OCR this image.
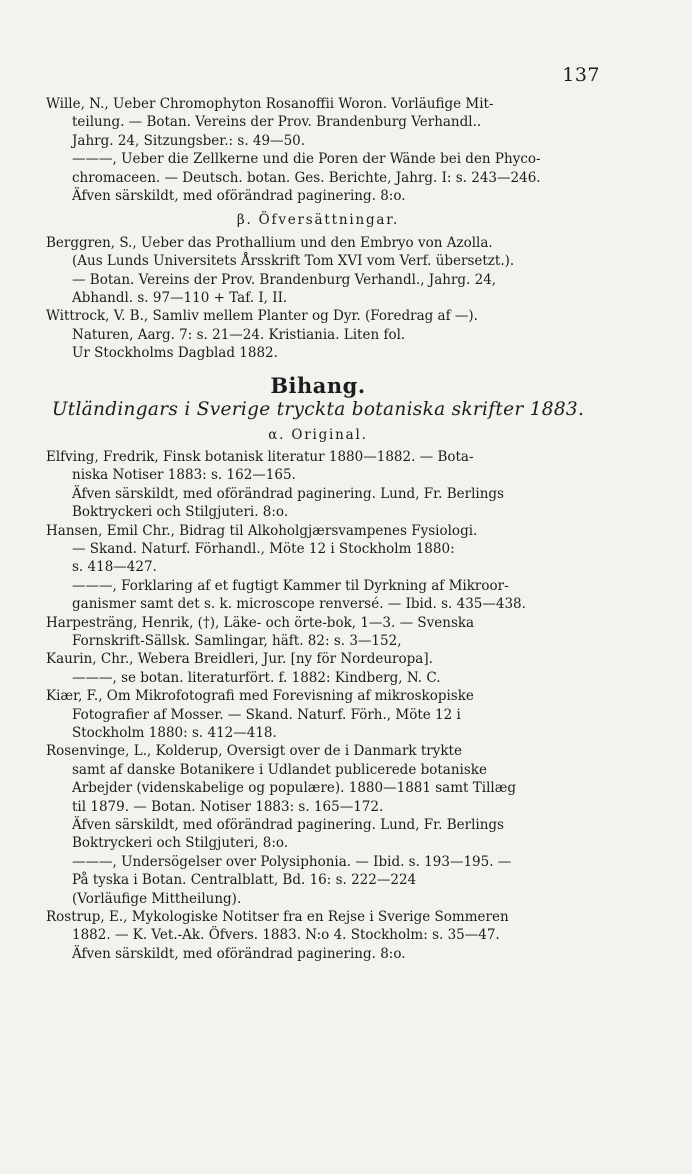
137
Wille, N., Ueber Chromophyton Rosanoffii Woron. Vorläufige Mit-
teilung. — Botan. Vereins der Prov. Brandenburg Verhandl..
Jahrg. 24, Sitzungsber.: s. 49—50.
———, Ueber die Zellkerne und die Poren der Wände bei den Phyco-
chromaceen. — Deutsch. botan. Ges. Berichte, Jahrg. I: s. 243—246.
Äfven särskildt, med oförändrad paginering. 8:o.
β. Öfversättningar.
Berggren, S., Ueber das Prothallium und den Embryo von Azolla.
(Aus Lunds Universitets Årsskrift Tom XVI vom Verf. übersetzt.).
— Botan. Vereins der Prov. Brandenburg Verhandl., Jahrg. 24,
Abhandl. s. 97—110 + Taf. I, II.
Wittrock, V. B., Samliv mellem Planter og Dyr. (Foredrag af —).
Naturen, Aarg. 7: s. 21—24. Kristiania. Liten fol.
Ur Stockholms Dagblad 1882.
Bihang.
Utländingars i Sverige tryckta botaniska skrifter 1883.
α. Original.
Elfving, Fredrik, Finsk botanisk literatur 1880—1882. — Bota-
niska Notiser 1883: s. 162—165.
Äfven särskildt, med oförändrad paginering. Lund, Fr. Berlings
Boktryckeri och Stilgjuteri. 8:o.
Hansen, Emil Chr., Bidrag til Alkoholgjærsvampenes Fysiologi.
— Skand. Naturf. Förhandl., Möte 12 i Stockholm 1880:
s. 418—427.
———, Forklaring af et fugtigt Kammer til Dyrkning af Mikroor-
ganismer samt det s. k. microscope renversé. — Ibid. s. 435—438.
Harpesträng, Henrik, (†), Läke- och örte-bok, 1—3. — Svenska
Fornskrift-Sällsk. Samlingar, häft. 82: s. 3—152,
Kaurin, Chr., Webera Breidleri, Jur. [ny för Nordeuropa].
———, se botan. literaturfört. f. 1882: Kindberg, N. C.
Kiær, F., Om Mikrofotografi med Forevisning af mikroskopiske
Fotografier af Mosser. — Skand. Naturf. Förh., Möte 12 i
Stockholm 1880: s. 412—418.
Rosenvinge, L., Kolderup, Oversigt over de i Danmark trykte
samt af danske Botanikere i Udlandet publicerede botaniske
Arbejder (videnskabelige og populære). 1880—1881 samt Tillæg
til 1879. — Botan. Notiser 1883: s. 165—172.
Äfven särskildt, med oförändrad paginering. Lund, Fr. Berlings
Boktryckeri och Stilgjuteri, 8:o.
———, Undersögelser over Polysiphonia. — Ibid. s. 193—195. —
På tyska i Botan. Centralblatt, Bd. 16: s. 222—224
(Vorläufige Mittheilung).
Rostrup, E., Mykologiske Notitser fra en Rejse i Sverige Sommeren
1882. — K. Vet.-Ak. Öfvers. 1883. N:o 4. Stockholm: s. 35—47.
Äfven särskildt, med oförändrad paginering. 8:o.
